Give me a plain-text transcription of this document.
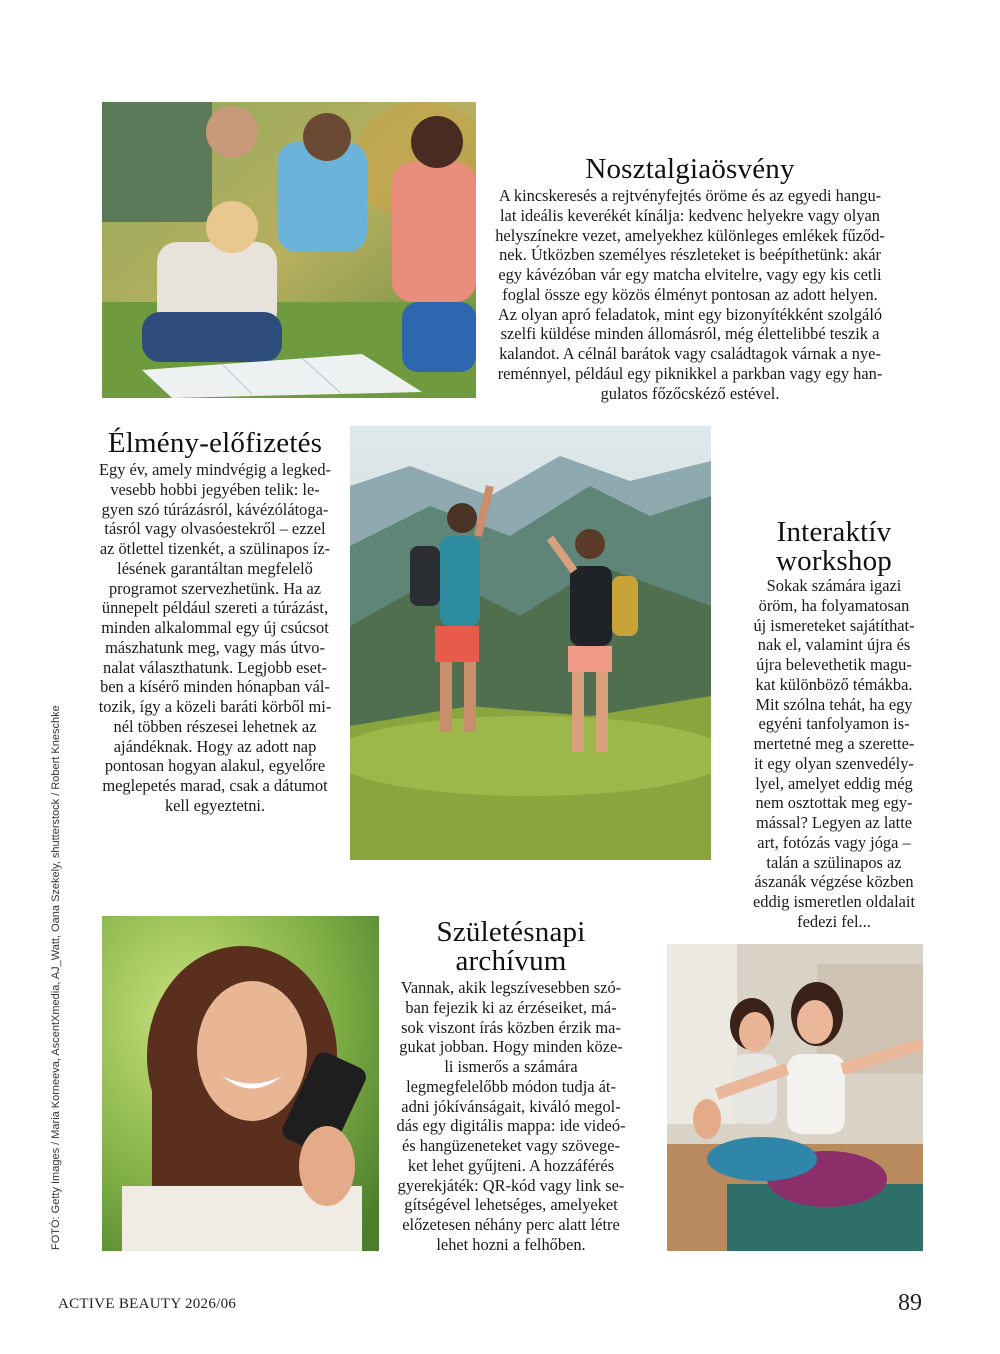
Nosztalgiaösvény
A kincskeresés a rejtvényfejtés öröme és az egyedi hangu-
lat ideális keverékét kínálja: kedvenc helyekre vagy olyan
helyszínekre vezet, amelyekhez különleges emlékek fűződ-
nek. Útközben személyes részleteket is beépíthetünk: akár
egy kávézóban vár egy matcha elvitelre, vagy egy kis cetli
foglal össze egy közös élményt pontosan az adott helyen.
Az olyan apró feladatok, mint egy bizonyítékként szolgáló
szelfi küldése minden állomásról, még élettelibbé teszik a
kalandot. A célnál barátok vagy családtagok várnak a nye-
reménnyel, például egy piknikkel a parkban vagy egy han-
gulatos főzőcskéző estével.
Élmény-előfizetés
Egy év, amely mindvégig a legked-
vesebb hobbi jegyében telik: le-
gyen szó túrázásról, kávézólátoga-
tásról vagy olvasóestekről – ezzel
az ötlettel tizenkét, a szülinapos íz-
lésének garantáltan megfelelő
programot szervezhetünk. Ha az
ünnepelt például szereti a túrázást,
minden alkalommal egy új csúcsot
mászhatunk meg, vagy más útvo-
nalat választhatunk. Legjobb eset-
ben a kísérő minden hónapban vál-
tozik, így a közeli baráti körből mi-
nél többen részesei lehetnek az
ajándéknak. Hogy az adott nap
pontosan hogyan alakul, egyelőre
meglepetés marad, csak a dátumot
kell egyeztetni.
Interaktív
workshop
Sokak számára igazi
öröm, ha folyamatosan
új ismereteket sajátíthat-
nak el, valamint újra és
újra belevethetik magu-
kat különböző témákba.
Mit szólna tehát, ha egy
egyéni tanfolyamon is-
mertetné meg a szerette-
it egy olyan szenvedély-
lyel, amelyet eddig még
nem osztottak meg egy-
mással? Legyen az latte
art, fotózás vagy jóga –
talán a szülinapos az
ászanák végzése közben
eddig ismeretlen oldalait
fedezi fel...
Születésnapi
archívum
Vannak, akik legszívesebben szó-
ban fejezik ki az érzéseiket, má-
sok viszont írás közben érzik ma-
gukat jobban. Hogy minden köze-
li ismerős a számára
legmegfelelőbb módon tudja át-
adni jókívánságait, kiváló megol-
dás egy digitális mappa: ide videó-
és hangüzeneteket vagy szövege-
ket lehet gyűjteni. A hozzáférés
gyerekjáték: QR-kód vagy link se-
gítségével lehetséges, amelyeket
előzetesen néhány perc alatt létre
lehet hozni a felhőben.
FOTÓ: Getty Images / Maria Korneeva, AscentXmedia, AJ_Watt, Oana Szekely, shutterstock / Robert Kneschke
ACTIVE BEAUTY 2026/06	89
